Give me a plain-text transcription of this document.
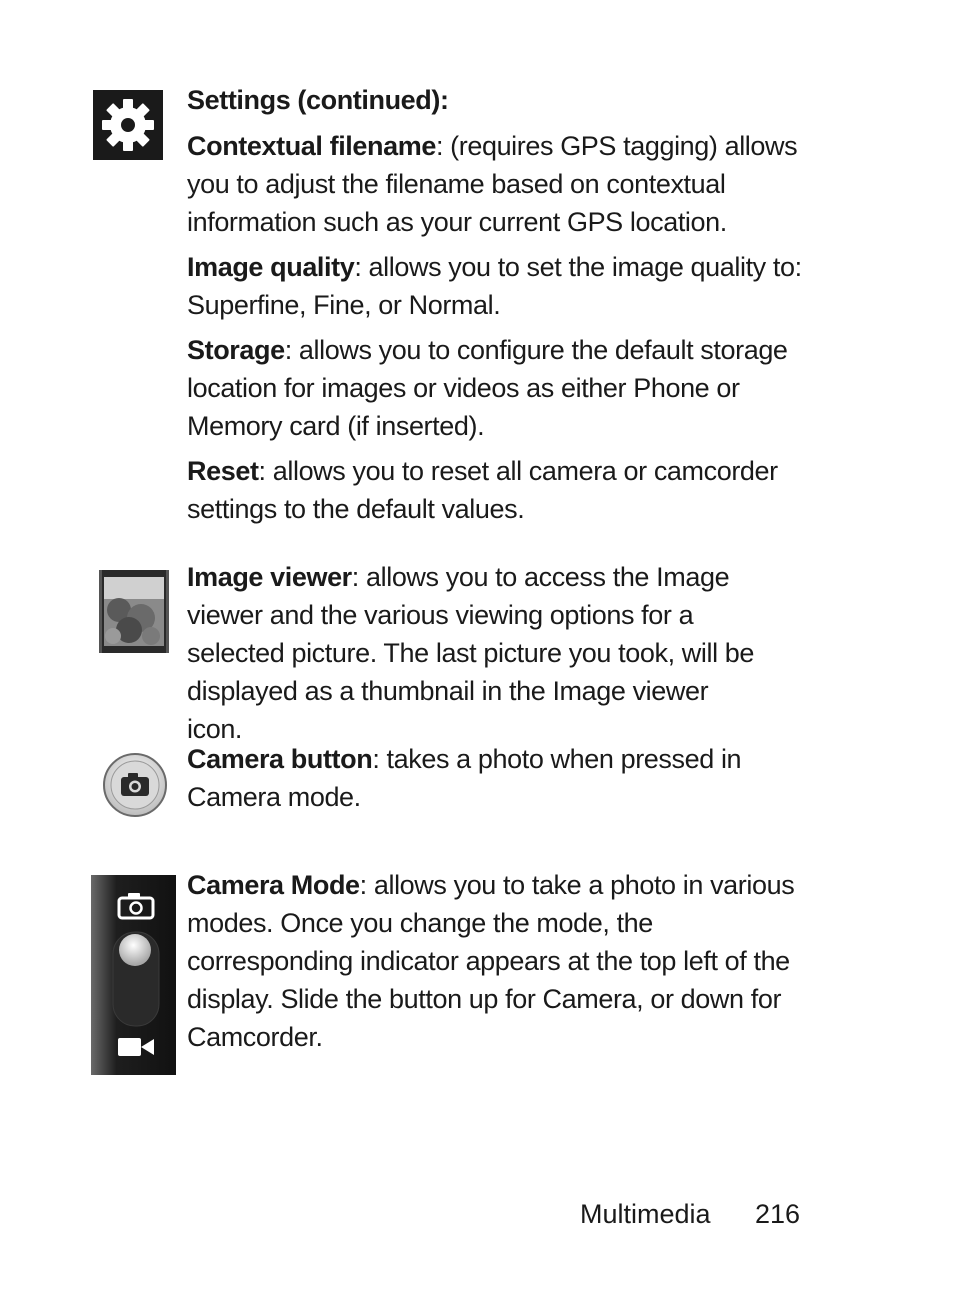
Settings (continued):

Contextual filename: (requires GPS tagging) allows you to adjust the filename based on contextual information such as your current GPS location.

Image quality: allows you to set the image quality to: Superfine, Fine, or Normal.

Storage: allows you to configure the default storage location for images or videos as either Phone or Memory card (if inserted).

Reset: allows you to reset all camera or camcorder settings to the default values.

Image viewer: allows you to access the Image viewer and the various viewing options for a selected picture. The last picture you took, will be displayed as a thumbnail in the Image viewer icon.

Camera button: takes a photo when pressed in Camera mode.

Camera Mode: allows you to take a photo in various modes. Once you change the mode, the corresponding indicator appears at the top left of the display. Slide the button up for Camera, or down for Camcorder.

Multimedia 216
